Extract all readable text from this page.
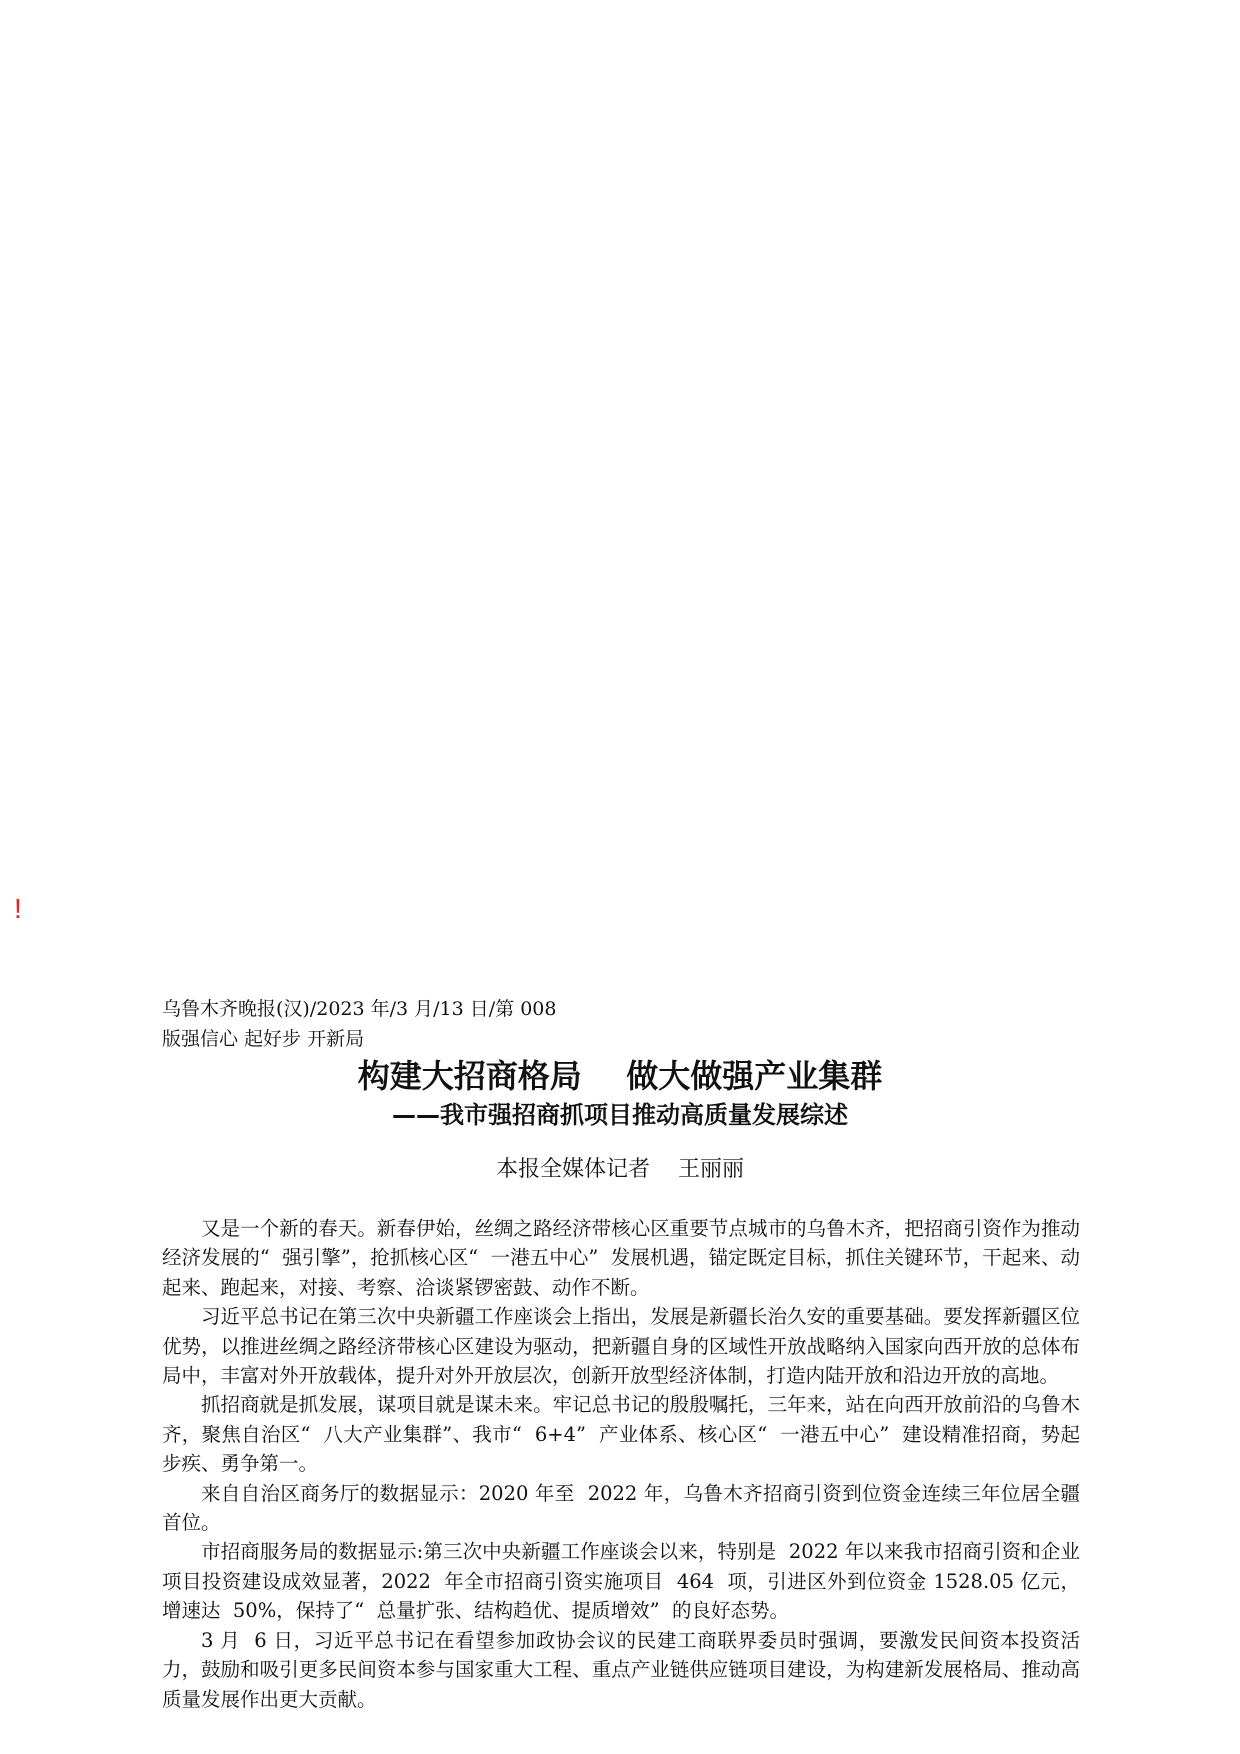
!
乌鲁木齐晚报(汉)/2023 年/3 月/13 日/第 008
版强信心 起好步 开新局
构建大招商格局    做大做强产业集群
——我市强招商抓项目推动高质量发展综述
本报全媒体记者    王丽丽

又是一个新的春天。新春伊始，丝绸之路经济带核心区重要节点城市的乌鲁木齐，把招商引资作为推动经济发展的“  强引擎”，抢抓核心区“  一港五中心”  发展机遇，锚定既定目标，抓住关键环节，干起来、动起来、跑起来，对接、考察、洽谈紧锣密鼓、动作不断。

习近平总书记在第三次中央新疆工作座谈会上指出，发展是新疆长治久安的重要基础。要发挥新疆区位优势，以推进丝绸之路经济带核心区建设为驱动，把新疆自身的区域性开放战略纳入国家向西开放的总体布局中，丰富对外开放载体，提升对外开放层次，创新开放型经济体制，打造内陆开放和沿边开放的高地。

抓招商就是抓发展，谋项目就是谋未来。牢记总书记的殷殷嘱托，三年来，站在向西开放前沿的乌鲁木齐，聚焦自治区“  八大产业集群”、我市“  6+4”  产业体系、核心区“  一港五中心”  建设精准招商，势起步疾、勇争第一。

来自自治区商务厅的数据显示：2020 年至  2022 年，乌鲁木齐招商引资到位资金连续三年位居全疆首位。

市招商服务局的数据显示:第三次中央新疆工作座谈会以来，特别是  2022 年以来我市招商引资和企业项目投资建设成效显著，2022  年全市招商引资实施项目  464  项，引进区外到位资金 1528.05 亿元，增速达  50%，保持了“  总量扩张、结构趋优、提质增效”  的良好态势。

3 月  6 日，习近平总书记在看望参加政协会议的民建工商联界委员时强调，要激发民间资本投资活力，鼓励和吸引更多民间资本参与国家重大工程、重点产业链供应链项目建设，为构建新发展格局、推动高质量发展作出更大贡献。
